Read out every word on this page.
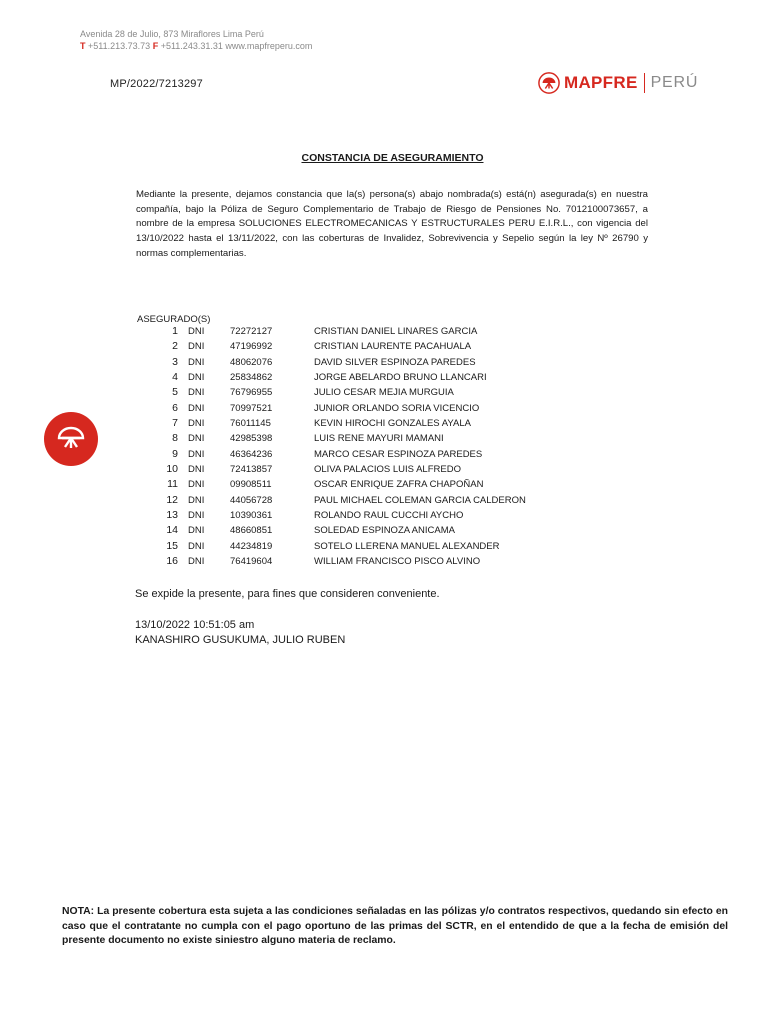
Avenida 28 de Julio, 873 Miraflores Lima Perú
T +511.213.73.73 F +511.243.31.31 www.mapfreperu.com
MP/2022/7213297	MAPFRE PERÚ
CONSTANCIA DE ASEGURAMIENTO
Mediante la presente, dejamos constancia que la(s) persona(s) abajo nombrada(s) está(n) asegurada(s) en nuestra compañía, bajo la Póliza de Seguro Complementario de Trabajo de Riesgo de Pensiones No. 7012100073657, a nombre de la empresa SOLUCIONES ELECTROMECANICAS Y ESTRUCTURALES PERU E.I.R.L., con vigencia del 13/10/2022 hasta el 13/11/2022, con las coberturas de Invalidez, Sobrevivencia y Sepelio según la ley Nº 26790 y normas complementarias.
ASEGURADO(S)
1 DNI	72272127	CRISTIAN DANIEL LINARES GARCIA
2 DNI	47196992	CRISTIAN LAURENTE PACAHUALA
3 DNI	48062076	DAVID SILVER ESPINOZA PAREDES
4 DNI	25834862	JORGE ABELARDO BRUNO LLANCARI
5 DNI	76796955	JULIO CESAR MEJIA MURGUIA
6 DNI	70997521	JUNIOR ORLANDO SORIA VICENCIO
7 DNI	76011145	KEVIN HIROCHI GONZALES AYALA
8 DNI	42985398	LUIS RENE MAYURI MAMANI
9 DNI	46364236	MARCO CESAR ESPINOZA PAREDES
10 DNI	72413857	OLIVA PALACIOS LUIS ALFREDO
11 DNI	09908511	OSCAR ENRIQUE ZAFRA CHAPOÑAN
12 DNI	44056728	PAUL MICHAEL COLEMAN GARCIA CALDERON
13 DNI	10390361	ROLANDO RAUL CUCCHI AYCHO
14 DNI	48660851	SOLEDAD ESPINOZA ANICAMA
15 DNI	44234819	SOTELO LLERENA MANUEL ALEXANDER
16 DNI	76419604	WILLIAM FRANCISCO PISCO ALVINO
Se expide la presente, para fines que consideren conveniente.
13/10/2022 10:51:05 am
KANASHIRO GUSUKUMA, JULIO RUBEN
NOTA: La presente cobertura esta sujeta a las condiciones señaladas en las pólizas y/o contratos respectivos, quedando sin efecto en caso que el contratante no cumpla con el pago oportuno de las primas del SCTR, en el entendido de que a la fecha de emisión del presente documento no existe siniestro alguno materia de reclamo.
